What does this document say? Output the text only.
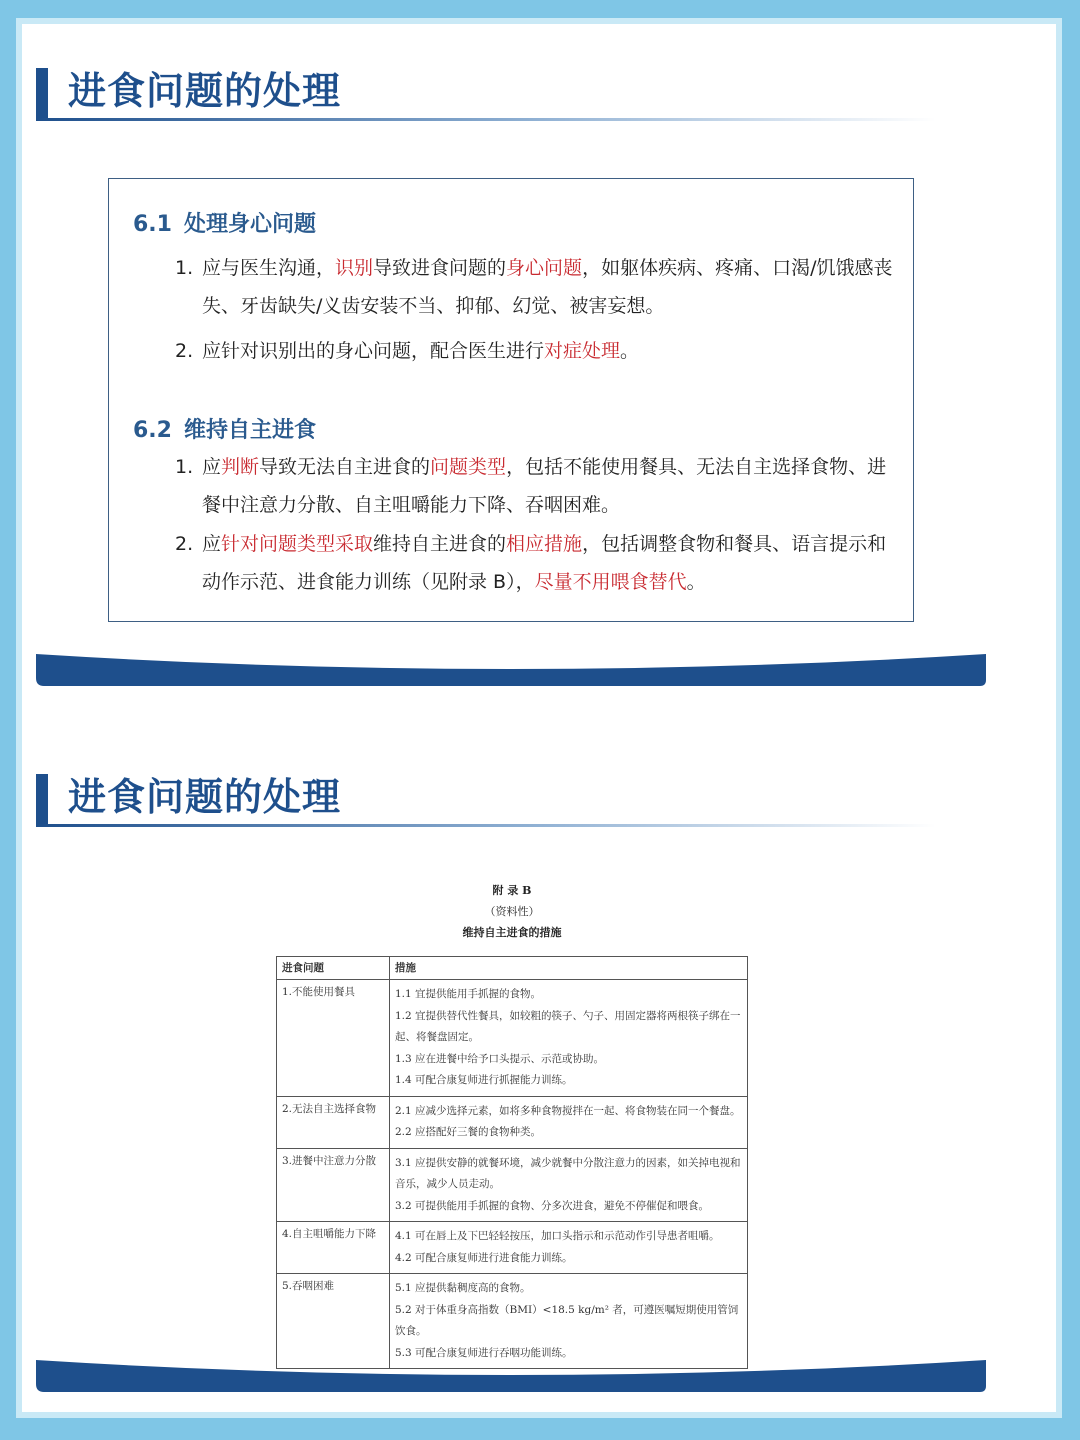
进食问题的处理
6.1 处理身心问题
1. 应与医生沟通，识别导致进食问题的身心问题，如躯体疾病、疼痛、口渴/饥饿感丧失、牙齿缺失/义齿安装不当、抑郁、幻觉、被害妄想。
2. 应针对识别出的身心问题，配合医生进行对症处理。
6.2 维持自主进食
1. 应判断导致无法自主进食的问题类型，包括不能使用餐具、无法自主选择食物、进餐中注意力分散、自主咀嚼能力下降、吞咽困难。
2. 应针对问题类型采取维持自主进食的相应措施，包括调整食物和餐具、语言提示和动作示范、进食能力训练（见附录 B），尽量不用喂食替代。
进食问题的处理
附 录 B
（资料性）
维持自主进食的措施
进食问题	措施
1.不能使用餐具	1.1 宜提供能用手抓握的食物。
1.2 宜提供替代性餐具，如较粗的筷子、勺子、用固定器将两根筷子绑在一起、将餐盘固定。
1.3 应在进餐中给予口头提示、示范或协助。
1.4 可配合康复师进行抓握能力训练。

2.无法自主选择食物	2.1 应减少选择元素，如将多种食物搅拌在一起、将食物装在同一个餐盘。
2.2 应搭配好三餐的食物种类。

3.进餐中注意力分散	3.1 应提供安静的就餐环境，减少就餐中分散注意力的因素，如关掉电视和音乐，减少人员走动。
3.2 可提供能用手抓握的食物、分多次进食，避免不停催促和喂食。

4.自主咀嚼能力下降	4.1 可在唇上及下巴轻轻按压，加口头指示和示范动作引导患者咀嚼。
4.2 可配合康复师进行进食能力训练。

5.吞咽困难	5.1 应提供黏稠度高的食物。
5.2 对于体重身高指数（BMI）<18.5 kg/m² 者，可遵医嘱短期使用管饲饮食。
5.3 可配合康复师进行吞咽功能训练。
